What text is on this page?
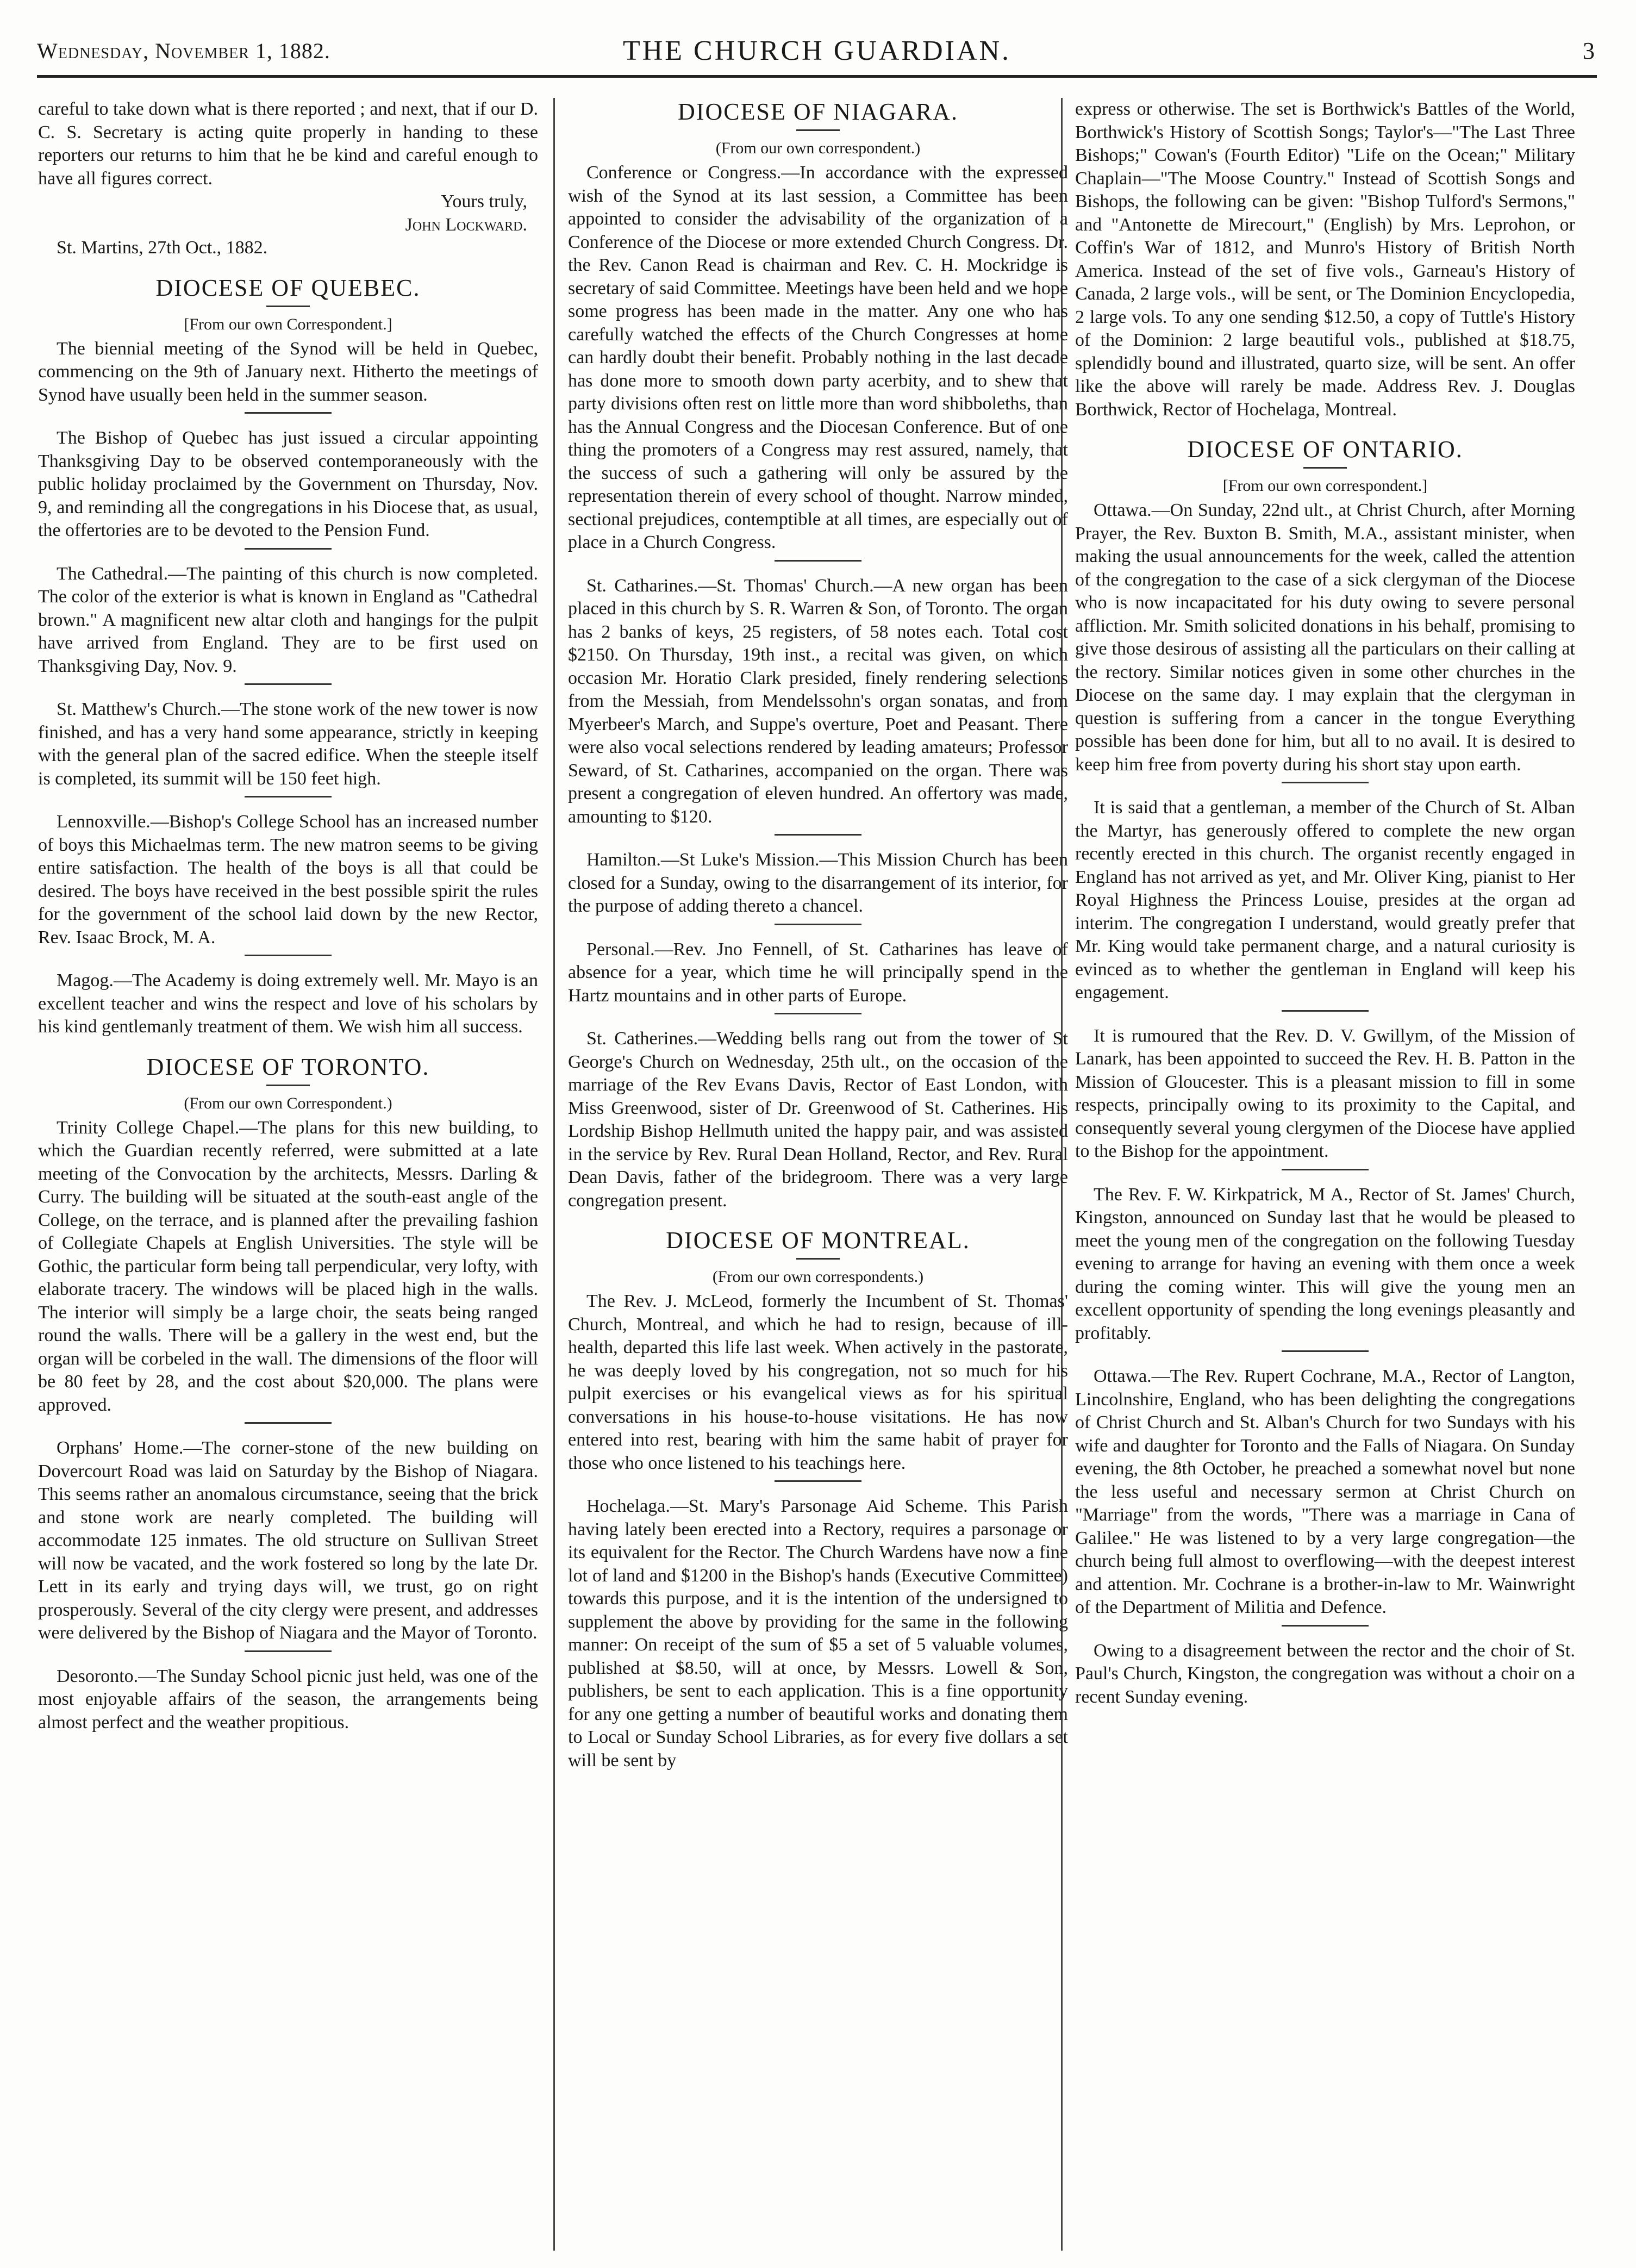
Wednesday, November 1, 1882.	THE CHURCH GUARDIAN.	3

careful to take down what is there reported ; and next, that if our D. C. S. Secretary is acting quite properly in handing to these reporters our returns to him that he be kind and careful enough to have all figures correct.

Yours truly,

John Lockward.

St. Martins, 27th Oct., 1882.

DIOCESE OF QUEBEC.
[From our own Correspondent.]

The biennial meeting of the Synod will be held in Quebec, commencing on the 9th of January next. Hitherto the meetings of Synod have usually been held in the summer season.

The Bishop of Quebec has just issued a circular appointing Thanksgiving Day to be observed contemporaneously with the public holiday proclaimed by the Government on Thursday, Nov. 9, and reminding all the congregations in his Diocese that, as usual, the offertories are to be devoted to the Pension Fund.

The Cathedral.—The painting of this church is now completed. The color of the exterior is what is known in England as "Cathedral brown." A magnificent new altar cloth and hangings for the pulpit have arrived from England. They are to be first used on Thanksgiving Day, Nov. 9.

St. Matthew's Church.—The stone work of the new tower is now finished, and has a very hand some appearance, strictly in keeping with the general plan of the sacred edifice. When the steeple itself is completed, its summit will be 150 feet high.

Lennoxville.—Bishop's College School has an increased number of boys this Michaelmas term. The new matron seems to be giving entire satisfaction. The health of the boys is all that could be desired. The boys have received in the best possible spirit the rules for the government of the school laid down by the new Rector, Rev. Isaac Brock, M. A.

Magog.—The Academy is doing extremely well. Mr. Mayo is an excellent teacher and wins the respect and love of his scholars by his kind gentlemanly treatment of them. We wish him all success.

DIOCESE OF TORONTO.
(From our own Correspondent.)

Trinity College Chapel.—The plans for this new building, to which the Guardian recently referred, were submitted at a late meeting of the Convocation by the architects, Messrs. Darling & Curry. The building will be situated at the south-east angle of the College, on the terrace, and is planned after the prevailing fashion of Collegiate Chapels at English Universities. The style will be Gothic, the particular form being tall perpendicular, very lofty, with elaborate tracery. The windows will be placed high in the walls. The interior will simply be a large choir, the seats being ranged round the walls. There will be a gallery in the west end, but the organ will be corbeled in the wall. The dimensions of the floor will be 80 feet by 28, and the cost about $20,000. The plans were approved.

Orphans' Home.—The corner-stone of the new building on Dovercourt Road was laid on Saturday by the Bishop of Niagara. This seems rather an anomalous circumstance, seeing that the brick and stone work are nearly completed. The building will accommodate 125 inmates. The old structure on Sullivan Street will now be vacated, and the work fostered so long by the late Dr. Lett in its early and trying days will, we trust, go on right prosperously. Several of the city clergy were present, and addresses were delivered by the Bishop of Niagara and the Mayor of Toronto.

Desoronto.—The Sunday School picnic just held, was one of the most enjoyable affairs of the season, the arrangements being almost perfect and the weather propitious.

DIOCESE OF NIAGARA.
(From our own correspondent.)

Conference or Congress.—In accordance with the expressed wish of the Synod at its last session, a Committee has been appointed to consider the advisability of the organization of a Conference of the Diocese or more extended Church Congress. Dr. the Rev. Canon Read is chairman and Rev. C. H. Mockridge is secretary of said Committee. Meetings have been held and we hope some progress has been made in the matter. Any one who has carefully watched the effects of the Church Congresses at home can hardly doubt their benefit. Probably nothing in the last decade has done more to smooth down party acerbity, and to shew that party divisions often rest on little more than word shibboleths, than has the Annual Congress and the Diocesan Conference. But of one thing the promoters of a Congress may rest assured, namely, that the success of such a gathering will only be assured by the representation therein of every school of thought. Narrow minded, sectional prejudices, contemptible at all times, are especially out of place in a Church Congress.

St. Catharines.—St. Thomas' Church.—A new organ has been placed in this church by S. R. Warren & Son, of Toronto. The organ has 2 banks of keys, 25 registers, of 58 notes each. Total cost $2150. On Thursday, 19th inst., a recital was given, on which occasion Mr. Horatio Clark presided, finely rendering selections from the Messiah, from Mendelssohn's organ sonatas, and from Myerbeer's March, and Suppe's overture, Poet and Peasant. There were also vocal selections rendered by leading amateurs; Professor Seward, of St. Catharines, accompanied on the organ. There was present a congregation of eleven hundred. An offertory was made, amounting to $120.

Hamilton.—St Luke's Mission.—This Mission Church has been closed for a Sunday, owing to the disarrangement of its interior, for the purpose of adding thereto a chancel.

Personal.—Rev. Jno Fennell, of St. Catharines has leave of absence for a year, which time he will principally spend in the Hartz mountains and in other parts of Europe.

St. Catherines.—Wedding bells rang out from the tower of St George's Church on Wednesday, 25th ult., on the occasion of the marriage of the Rev Evans Davis, Rector of East London, with Miss Greenwood, sister of Dr. Greenwood of St. Catherines. His Lordship Bishop Hellmuth united the happy pair, and was assisted in the service by Rev. Rural Dean Holland, Rector, and Rev. Rural Dean Davis, father of the bridegroom. There was a very large congregation present.

DIOCESE OF MONTREAL.
(From our own correspondents.)

The Rev. J. McLeod, formerly the Incumbent of St. Thomas' Church, Montreal, and which he had to resign, because of ill-health, departed this life last week. When actively in the pastorate, he was deeply loved by his congregation, not so much for his pulpit exercises or his evangelical views as for his spiritual conversations in his house-to-house visitations. He has now entered into rest, bearing with him the same habit of prayer for those who once listened to his teachings here.

Hochelaga.—St. Mary's Parsonage Aid Scheme. This Parish having lately been erected into a Rectory, requires a parsonage or its equivalent for the Rector. The Church Wardens have now a fine lot of land and $1200 in the Bishop's hands (Executive Committee) towards this purpose, and it is the intention of the undersigned to supplement the above by providing for the same in the following manner: On receipt of the sum of $5 a set of 5 valuable volumes, published at $8.50, will at once, by Messrs. Lowell & Son, publishers, be sent to each application. This is a fine opportunity for any one getting a number of beautiful works and donating them to Local or Sunday School Libraries, as for every five dollars a set will be sent by

express or otherwise. The set is Borthwick's Battles of the World, Borthwick's History of Scottish Songs; Taylor's—"The Last Three Bishops;" Cowan's (Fourth Editor) "Life on the Ocean;" Military Chaplain—"The Moose Country." Instead of Scottish Songs and Bishops, the following can be given: "Bishop Tulford's Sermons," and "Antonette de Mirecourt," (English) by Mrs. Leprohon, or Coffin's War of 1812, and Munro's History of British North America. Instead of the set of five vols., Garneau's History of Canada, 2 large vols., will be sent, or The Dominion Encyclopedia, 2 large vols. To any one sending $12.50, a copy of Tuttle's History of the Dominion: 2 large beautiful vols., published at $18.75, splendidly bound and illustrated, quarto size, will be sent. An offer like the above will rarely be made. Address Rev. J. Douglas Borthwick, Rector of Hochelaga, Montreal.

DIOCESE OF ONTARIO.
[From our own correspondent.]

Ottawa.—On Sunday, 22nd ult., at Christ Church, after Morning Prayer, the Rev. Buxton B. Smith, M.A., assistant minister, when making the usual announcements for the week, called the attention of the congregation to the case of a sick clergyman of the Diocese who is now incapacitated for his duty owing to severe personal affliction. Mr. Smith solicited donations in his behalf, promising to give those desirous of assisting all the particulars on their calling at the rectory. Similar notices given in some other churches in the Diocese on the same day. I may explain that the clergyman in question is suffering from a cancer in the tongue Everything possible has been done for him, but all to no avail. It is desired to keep him free from poverty during his short stay upon earth.

It is said that a gentleman, a member of the Church of St. Alban the Martyr, has generously offered to complete the new organ recently erected in this church. The organist recently engaged in England has not arrived as yet, and Mr. Oliver King, pianist to Her Royal Highness the Princess Louise, presides at the organ ad interim. The congregation I understand, would greatly prefer that Mr. King would take permanent charge, and a natural curiosity is evinced as to whether the gentleman in England will keep his engagement.

It is rumoured that the Rev. D. V. Gwillym, of the Mission of Lanark, has been appointed to succeed the Rev. H. B. Patton in the Mission of Gloucester. This is a pleasant mission to fill in some respects, principally owing to its proximity to the Capital, and consequently several young clergymen of the Diocese have applied to the Bishop for the appointment.

The Rev. F. W. Kirkpatrick, M A., Rector of St. James' Church, Kingston, announced on Sunday last that he would be pleased to meet the young men of the congregation on the following Tuesday evening to arrange for having an evening with them once a week during the coming winter. This will give the young men an excellent opportunity of spending the long evenings pleasantly and profitably.

Ottawa.—The Rev. Rupert Cochrane, M.A., Rector of Langton, Lincolnshire, England, who has been delighting the congregations of Christ Church and St. Alban's Church for two Sundays with his wife and daughter for Toronto and the Falls of Niagara. On Sunday evening, the 8th October, he preached a somewhat novel but none the less useful and necessary sermon at Christ Church on "Marriage" from the words, "There was a marriage in Cana of Galilee." He was listened to by a very large congregation—the church being full almost to overflowing—with the deepest interest and attention. Mr. Cochrane is a brother-in-law to Mr. Wainwright of the Department of Militia and Defence.

Owing to a disagreement between the rector and the choir of St. Paul's Church, Kingston, the congregation was without a choir on a recent Sunday evening.
